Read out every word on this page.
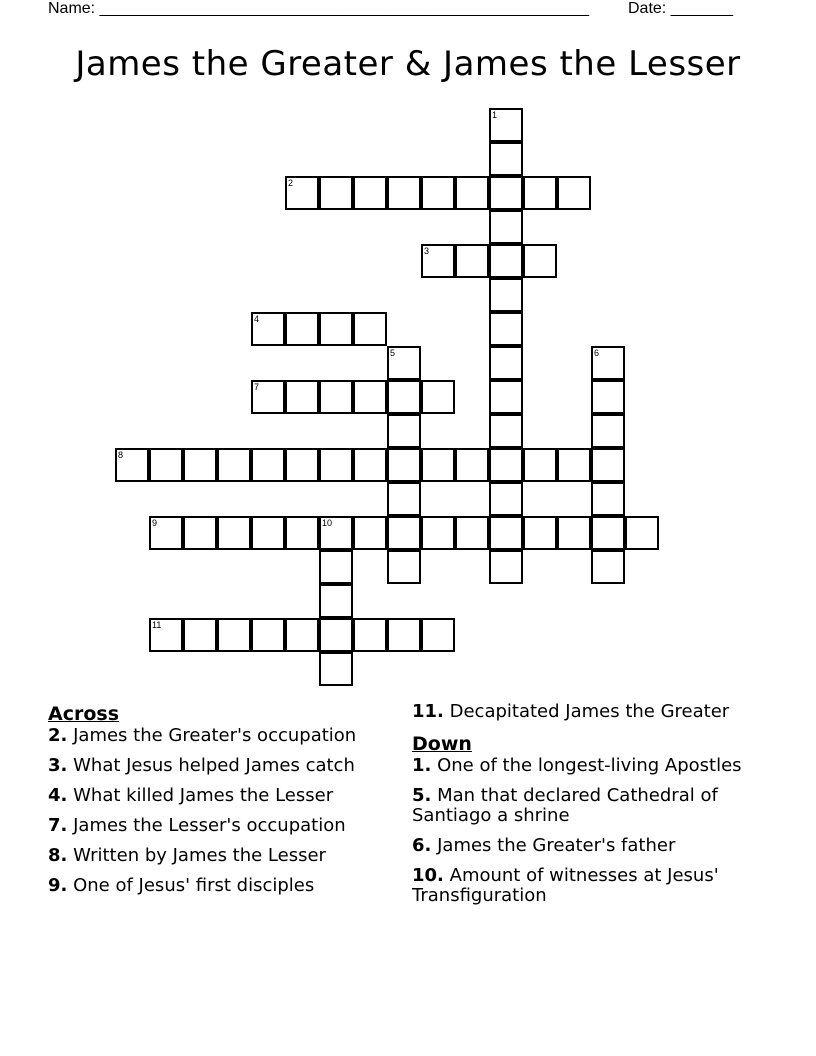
Name: _______________________________________________________ Date: _______
James the Greater & James the Lesser
1
2
3
4
5	6
7
8
9	10
11
Across
2. James the Greater's occupation
3. What Jesus helped James catch
4. What killed James the Lesser
7. James the Lesser's occupation
8. Written by James the Lesser
9. One of Jesus' first disciples
11. Decapitated James the Greater
Down
1. One of the longest-living Apostles
5. Man that declared Cathedral of Santiago a shrine
6. James the Greater's father
10. Amount of witnesses at Jesus' Transfiguration
